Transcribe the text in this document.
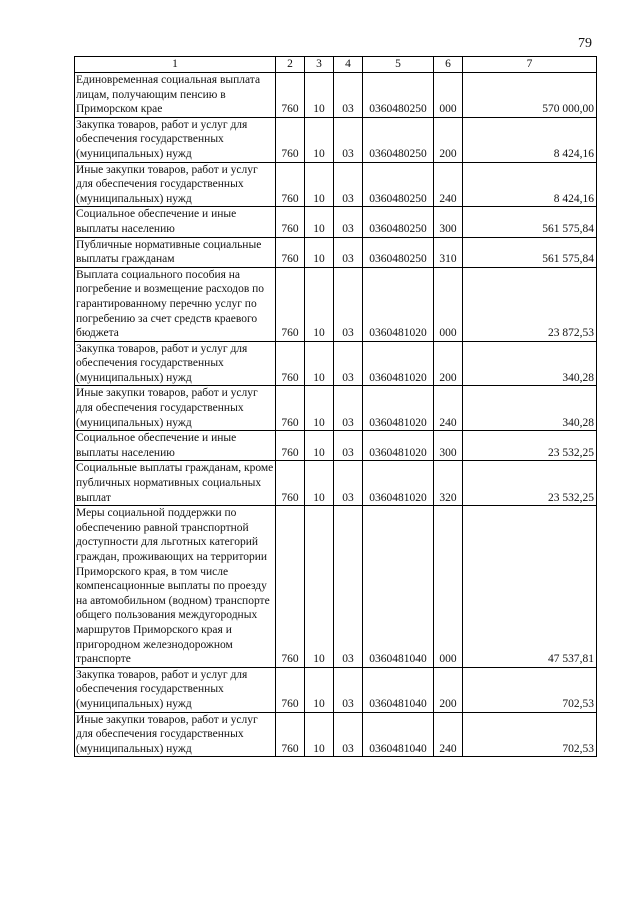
79
1	2	3	4	5	6	7
Единовременная социальная выплата лицам, получающим пенсию в Приморском крае	760	10	03	0360480250	000	570 000,00
Закупка товаров, работ и услуг для обеспечения государственных (муниципальных) нужд	760	10	03	0360480250	200	8 424,16
Иные закупки товаров, работ и услуг для обеспечения государственных (муниципальных) нужд	760	10	03	0360480250	240	8 424,16
Социальное обеспечение и иные выплаты населению	760	10	03	0360480250	300	561 575,84
Публичные нормативные социальные выплаты гражданам	760	10	03	0360480250	310	561 575,84
Выплата социального пособия на погребение и возмещение расходов по гарантированному перечню услуг по погребению за счет средств краевого бюджета	760	10	03	0360481020	000	23 872,53
Закупка товаров, работ и услуг для обеспечения государственных (муниципальных) нужд	760	10	03	0360481020	200	340,28
Иные закупки товаров, работ и услуг для обеспечения государственных (муниципальных) нужд	760	10	03	0360481020	240	340,28
Социальное обеспечение и иные выплаты населению	760	10	03	0360481020	300	23 532,25
Социальные выплаты гражданам, кроме публичных нормативных социальных выплат	760	10	03	0360481020	320	23 532,25
Меры социальной поддержки по обеспечению равной транспортной доступности для льготных категорий граждан, проживающих на территории Приморского края, в том числе компенсационные выплаты по проезду на автомобильном (водном) транспорте общего пользования междугородных маршрутов Приморского края и пригородном железнодорожном транспорте	760	10	03	0360481040	000	47 537,81
Закупка товаров, работ и услуг для обеспечения государственных (муниципальных) нужд	760	10	03	0360481040	200	702,53
Иные закупки товаров, работ и услуг для обеспечения государственных (муниципальных) нужд	760	10	03	0360481040	240	702,53
